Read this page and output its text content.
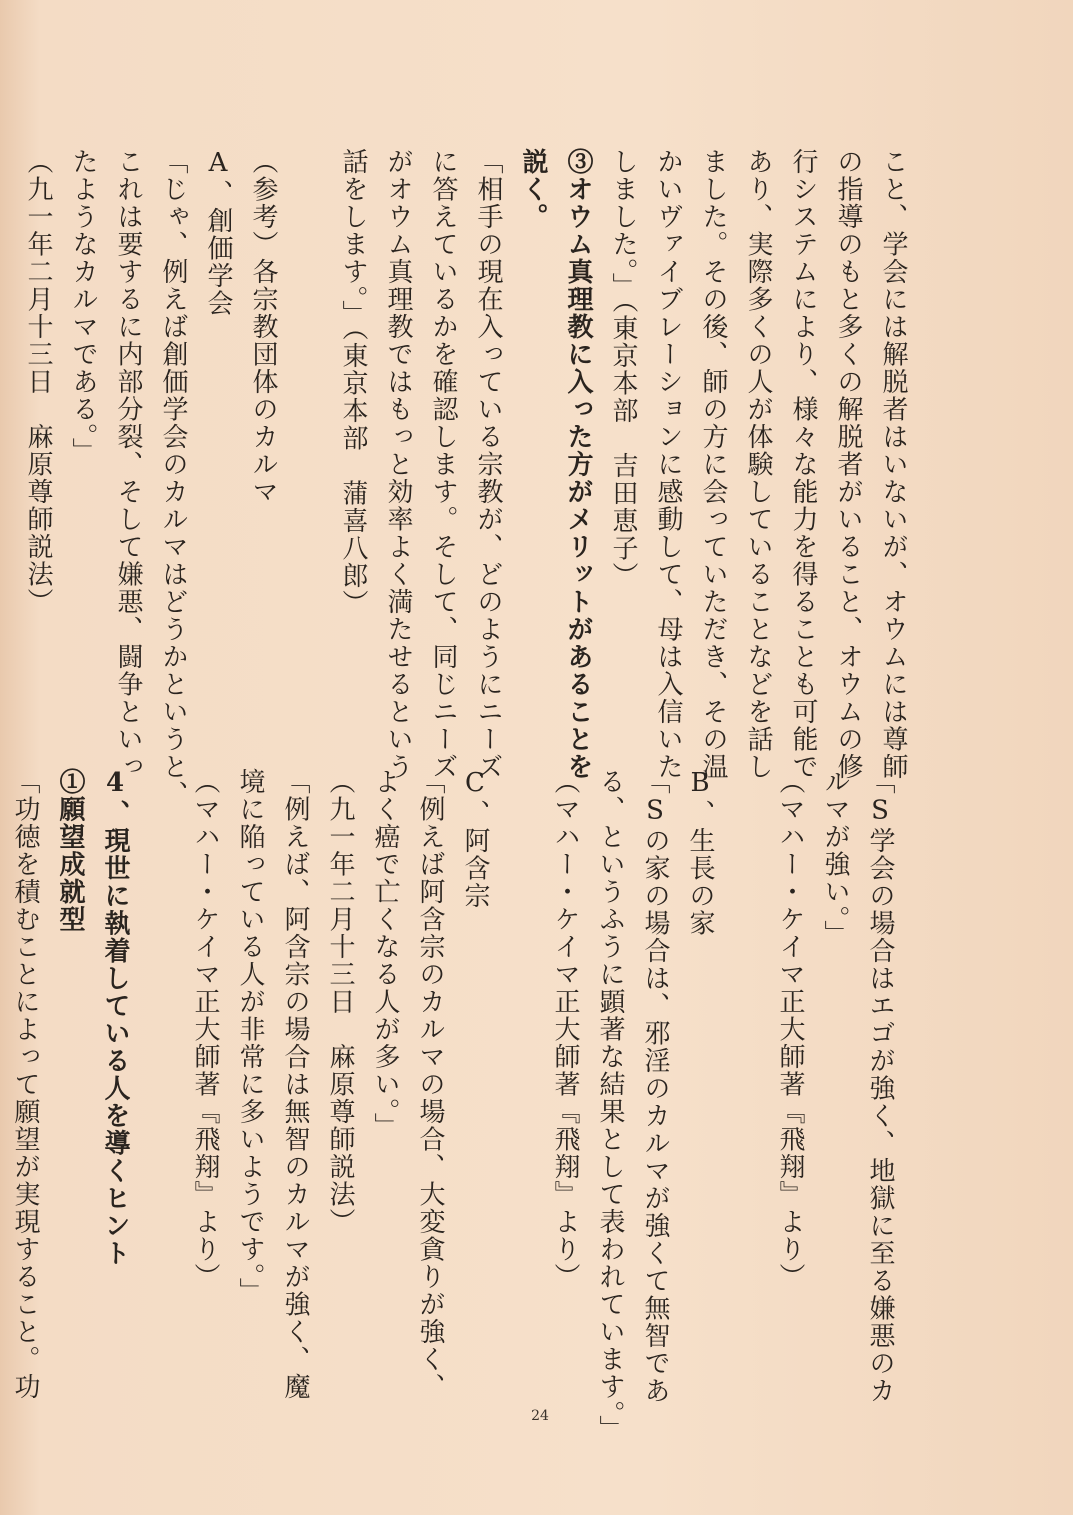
こと、学会には解脱者はいないが、オウムには尊師
の指導のもと多くの解脱者がいること、オウムの修
行システムにより、様々な能力を得ることも可能で
あり、実際多くの人が体験していることなどを話し
ました。その後、師の方に会っていただき、その温
かいヴァイブレーションに感動して、母は入信いた
しました。」（東京本部　吉田恵子）
③オウム真理教に入った方がメリットがあることを
説く。
「相手の現在入っている宗教が、どのようにニーズ
に答えているかを確認します。そして、同じニーズ
がオウム真理教ではもっと効率よく満たせるという
話をします。」（東京本部　蒲喜八郎）

（参考）各宗教団体のカルマ
A、創価学会
「じゃ、例えば創価学会のカルマはどうかというと、
これは要するに内部分裂、そして嫌悪、闘争といっ
たようなカルマである。」
（九一年二月十三日　麻原尊師説法）
「S学会の場合はエゴが強く、地獄に至る嫌悪のカ
ルマが強い。」
（マハー・ケイマ正大師著『飛翔』より）

B、生長の家
「Sの家の場合は、邪淫のカルマが強くて無智であ
る、というふうに顕著な結果として表われています。」
（マハー・ケイマ正大師著『飛翔』より）

C、阿含宗
「例えば阿含宗のカルマの場合、大変貪りが強く、
よく癌で亡くなる人が多い。」
（九一年二月十三日　麻原尊師説法）
「例えば、阿含宗の場合は無智のカルマが強く、魔
境に陥っている人が非常に多いようです。」
（マハー・ケイマ正大師著『飛翔』より）

4、現世に執着している人を導くヒント
①願望成就型
「功徳を積むことによって願望が実現すること。功
24
